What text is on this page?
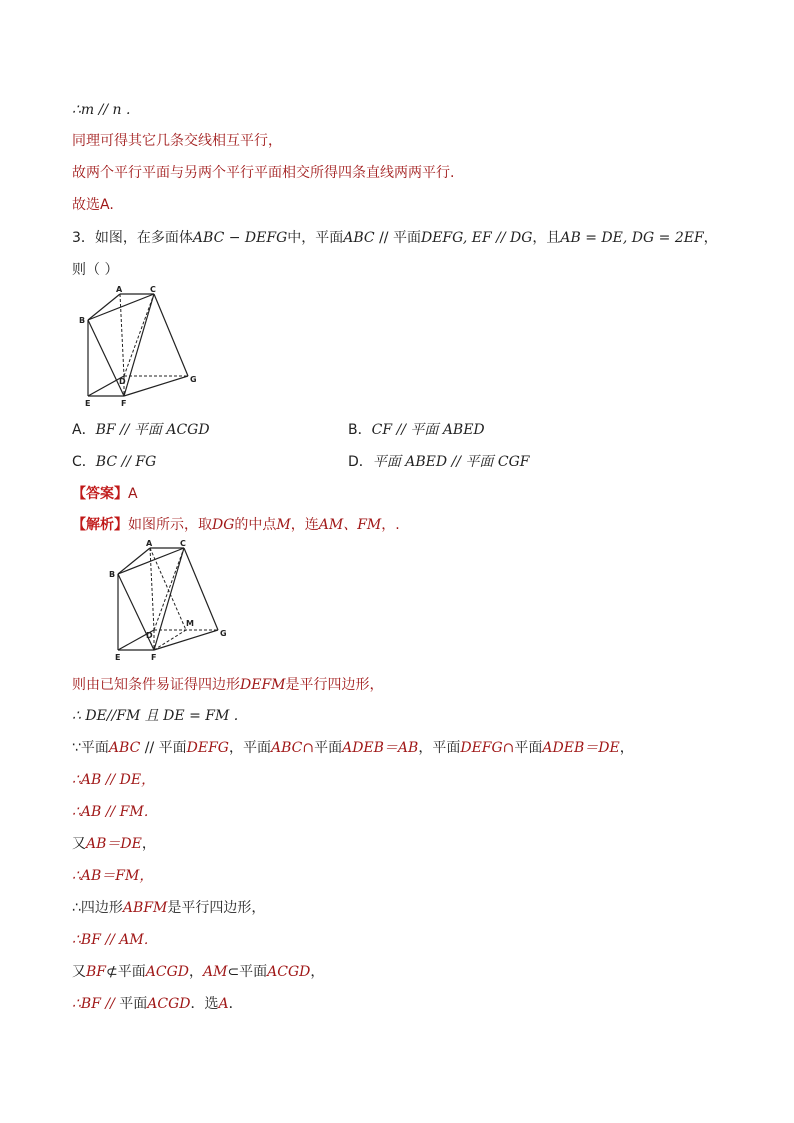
∴m // n .
同理可得其它几条交线相互平行，
故两个平行平面与另两个平行平面相交所得四条直线两两平行.
故选A.
3．如图，在多面体ABC − DEFG中，平面ABC // 平面DEFG, EF // DG，且AB = DE, DG = 2EF，
则（ ）
A	C
B
D	G
E	F
A．BF // 平面 ACGD	B．CF // 平面 ABED
C．BC // FG	D．平面 ABED // 平面 CGF
【答案】A
【解析】如图所示，取DG的中点M，连AM、FM，.
A	C
B
D
M
G
E	F
则由已知条件易证得四边形DEFM是平行四边形，
∴ DE//FM 且 DE = FM .
∵平面ABC // 平面DEFG，平面ABC∩平面ADEB＝AB，平面DEFG∩平面ADEB＝DE，
∴AB // DE，
∴AB // FM．
又AB＝DE，
∴AB＝FM，
∴四边形ABFM是平行四边形，
∴BF // AM．
又BF⊄平面ACGD，AM⊂平面ACGD，
∴BF // 平面ACGD．选A．
